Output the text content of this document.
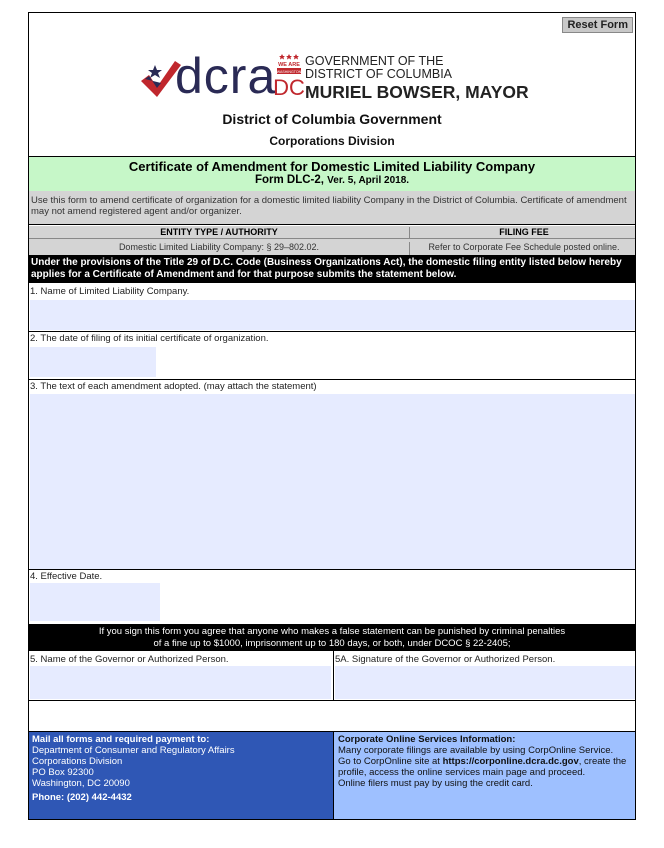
Reset Form
dcra WE ARE
WASHINGTON
DC
GOVERNMENT OF THE
DISTRICT OF COLUMBIA
MURIEL BOWSER, MAYOR
District of Columbia Government
Corporations Division
Certificate of Amendment for Domestic Limited Liability Company
Form DLC-2, Ver. 5, April 2018.
Use this form to amend certificate of organization for a domestic limited liability Company in the District of Columbia. Certificate of amendment may not amend registered agent and/or organizer.
ENTITY TYPE / AUTHORITY	FILING FEE
Domestic Limited Liability Company: § 29–802.02.	Refer to Corporate Fee Schedule posted online.
Under the provisions of the Title 29 of D.C. Code (Business Organizations Act), the domestic filing entity listed below hereby applies for a Certificate of Amendment and for that purpose submits the statement below.
1. Name of Limited Liability Company.
2. The date of filing of its initial certificate of organization.
3. The text of each amendment adopted. (may attach the statement)
4. Effective Date.
If you sign this form you agree that anyone who makes a false statement can be punished by criminal penalties
of a fine up to $1000, imprisonment up to 180 days, or both, under DCOC § 22-2405;
5. Name of the Governor or Authorized Person.	5A. Signature of the Governor or Authorized Person.
Mail all forms and required payment to:
Department of Consumer and Regulatory Affairs
Corporations Division
PO Box 92300
Washington, DC 20090
Phone: (202) 442-4432
Corporate Online Services Information:
Many corporate filings are available by using CorpOnline Service.
Go to CorpOnline site at https://corponline.dcra.dc.gov, create the profile, access the online services main page and proceed.
Online filers must pay by using the credit card.
